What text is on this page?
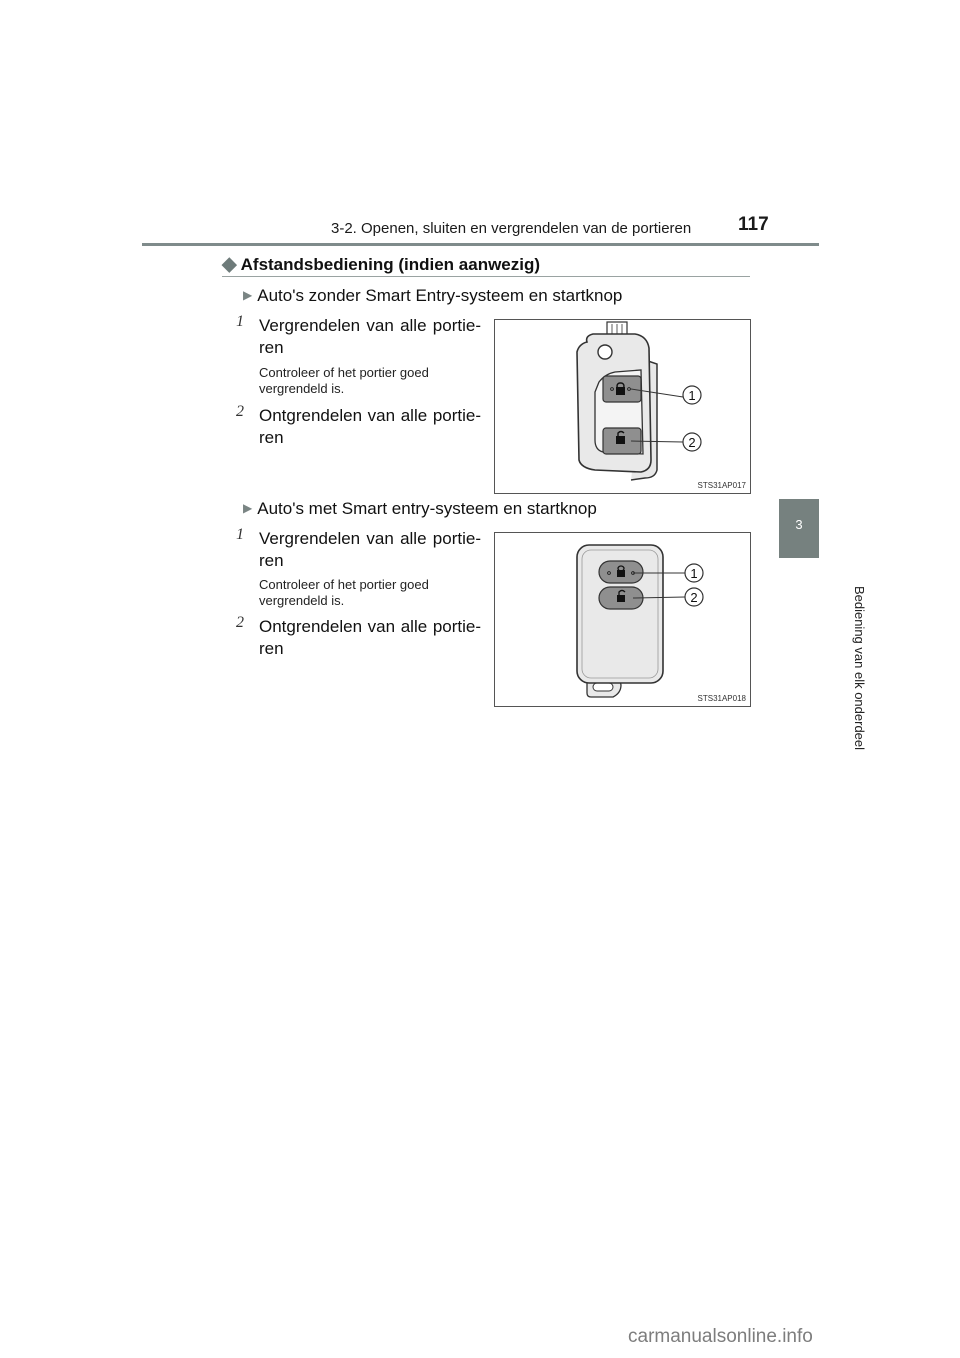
3-2. Openen, sluiten en vergrendelen van de portieren 117
3
Bediening van elk onderdeel
◆ Afstandsbediening (indien aanwezig)
▶ Auto's zonder Smart Entry-systeem en startknop
1 Vergrendelen van alle portie-ren
Controleer of het portier goed vergrendeld is.
2 Ontgrendelen van alle portie-ren
1
2
STS31AP017
▶ Auto's met Smart entry-systeem en startknop
1 Vergrendelen van alle portie-ren
Controleer of het portier goed vergrendeld is.
2 Ontgrendelen van alle portie-ren
1
2
STS31AP018
carmanualsonline.info
